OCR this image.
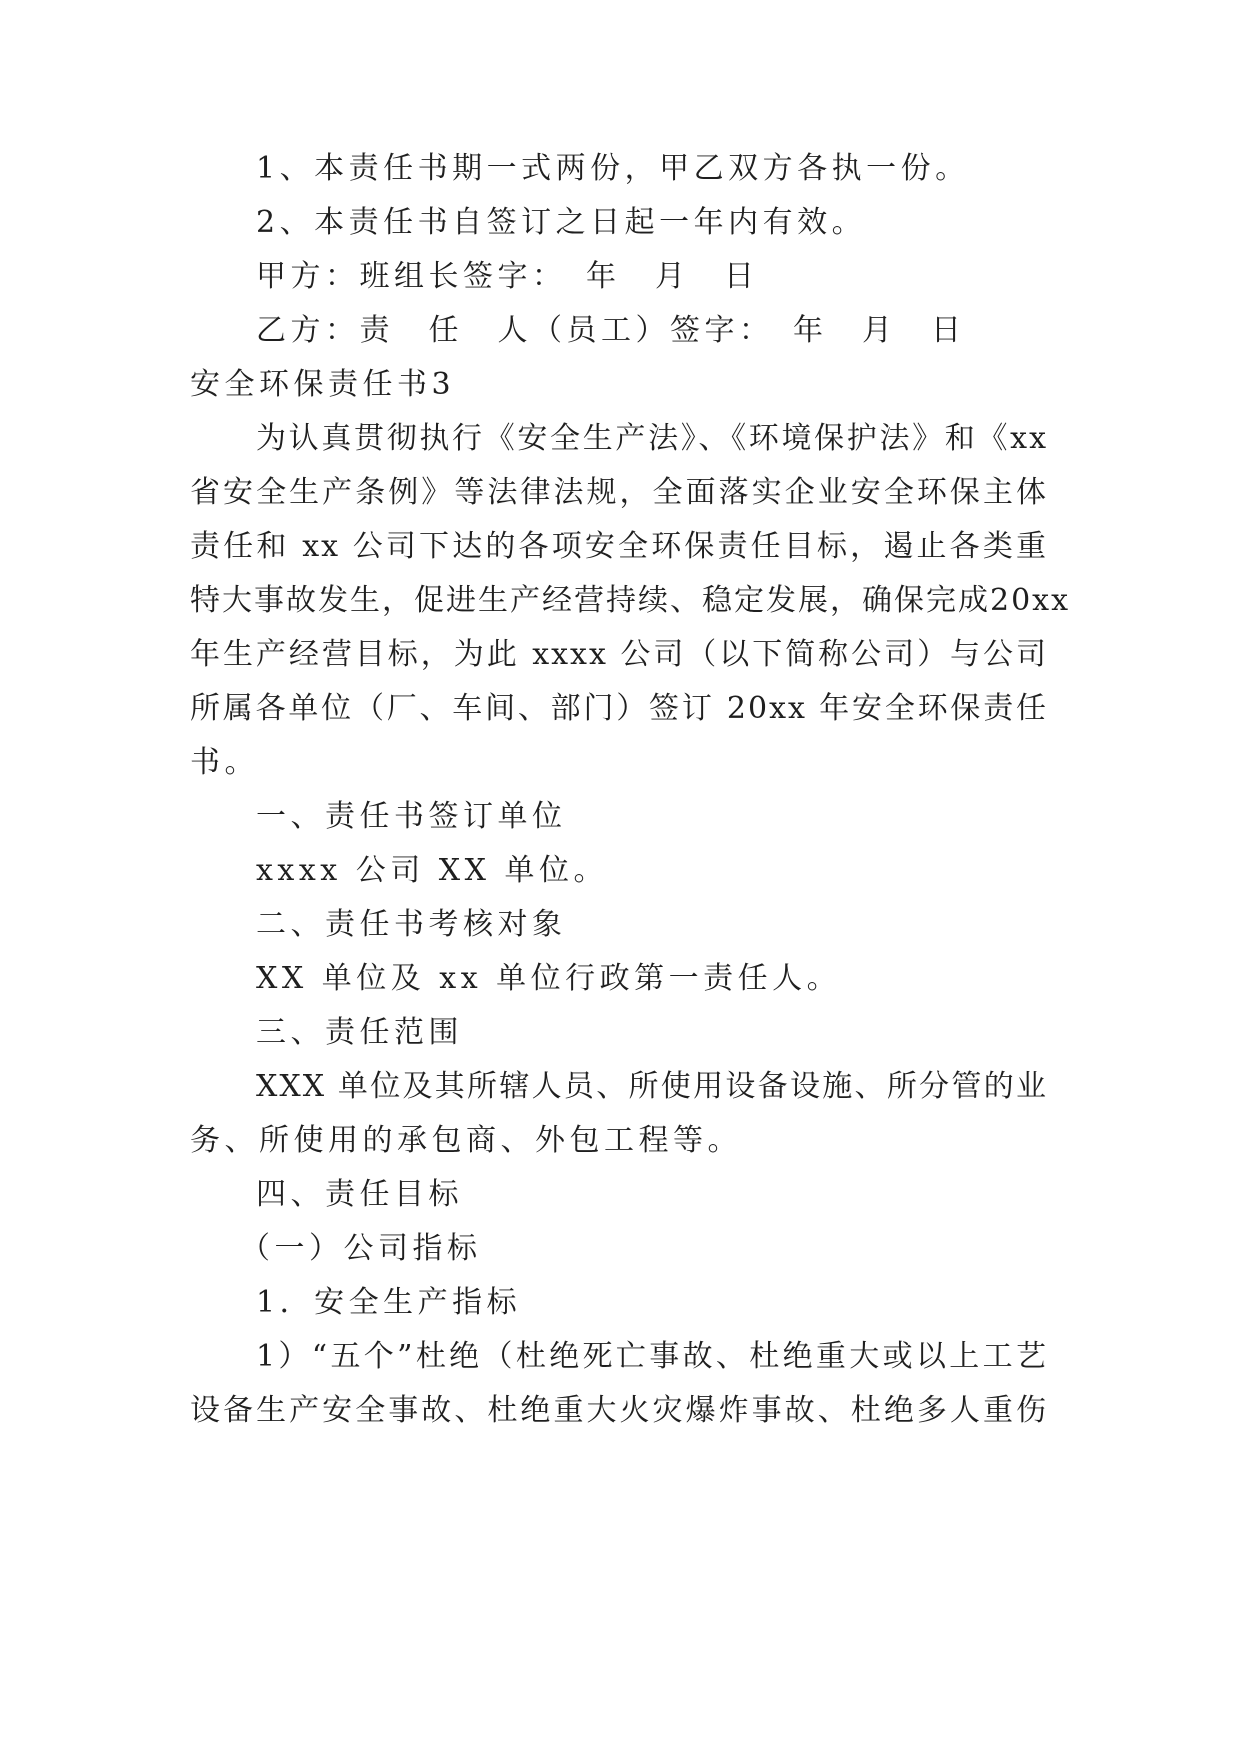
1、本责任书期一式两份，甲乙双方各执一份。
2、本责任书自签订之日起一年内有效。
甲方：班组长签字：　年　月　日
乙方：责　任　人（员工）签字：　年　月　日
安全环保责任书3
为认真贯彻执行《安全生产法》、《环境保护法》和《xx
省安全生产条例》等法律法规，全面落实企业安全环保主体
责任和 xx 公司下达的各项安全环保责任目标，遏止各类重
特大事故发生，促进生产经营持续、稳定发展，确保完成20xx
年生产经营目标，为此 xxxx 公司（以下简称公司）与公司
所属各单位（厂、车间、部门）签订 20xx 年安全环保责任
书。
一、责任书签订单位
xxxx 公司 XX 单位。
二、责任书考核对象
XX 单位及 xx 单位行政第一责任人。
三、责任范围
XXX 单位及其所辖人员、所使用设备设施、所分管的业
务、所使用的承包商、外包工程等。
四、责任目标
（一）公司指标
1．安全生产指标
1）“五个”杜绝（杜绝死亡事故、杜绝重大或以上工艺
设备生产安全事故、杜绝重大火灾爆炸事故、杜绝多人重伤
